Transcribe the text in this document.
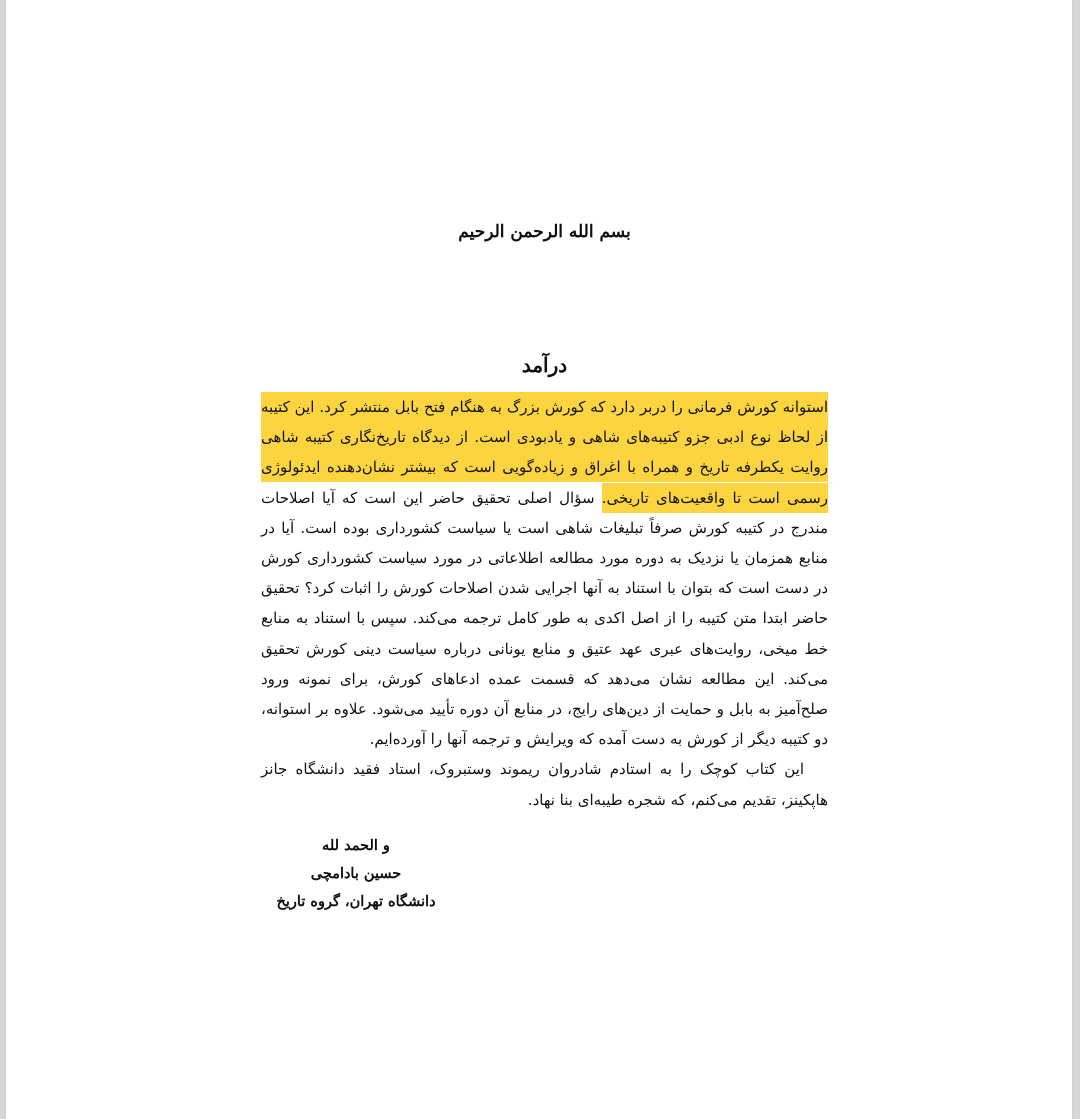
بسم الله الرحمن الرحیم
درآمد

استوانه کورش فرمانی را دربر دارد که کورش بزرگ به هنگام فتح بابل منتشر کرد. این کتیبه از لحاظ نوع ادبی جزو کتیبه‌های شاهی و یادبودی است. از دیدگاه تاریخ‌نگاری کتیبه شاهی روایت یکطرفه تاریخ و همراه با اغراق و زیاده‌گویی است که بیشتر نشان‌دهنده ایدئولوژی رسمی است تا واقعیت‌های تاریخی. سؤال اصلی تحقیق حاضر این است که آیا اصلاحات مندرج در کتیبه کورش صرفاً تبلیغات شاهی است یا سیاست کشورداری بوده است. آیا در منابع همزمان یا نزدیک به دوره مورد مطالعه اطلاعاتی در مورد سیاست کشورداری کورش در دست است که بتوان با استناد به آنها اجرایی شدن اصلاحات کورش را اثبات کرد؟ تحقیق حاضر ابتدا متن کتیبه را از اصل اکدی به طور کامل ترجمه می‌کند. سپس با استناد به منابع خط میخی، روایت‌های عبری عهد عتیق و منابع یونانی درباره سیاست دینی کورش تحقیق می‌کند. این مطالعه نشان می‌دهد که قسمت عمده ادعاهای کورش، برای نمونه ورود صلح‌آمیز به بابل و حمایت از دین‌های رایج، در منابع آن دوره تأیید می‌شود. علاوه بر استوانه، دو کتیبه دیگر از کورش به دست آمده که ویرایش و ترجمه آنها را آورده‌ایم.

این کتاب کوچک را به استادم شادروان ریموند وستبروک، استاد فقید دانشگاه جانز هاپکینز، تقدیم می‌کنم، که شجره طیبه‌ای بنا نهاد.

و الحمد لله
حسین بادامچی
دانشگاه تهران، گروه تاریخ
